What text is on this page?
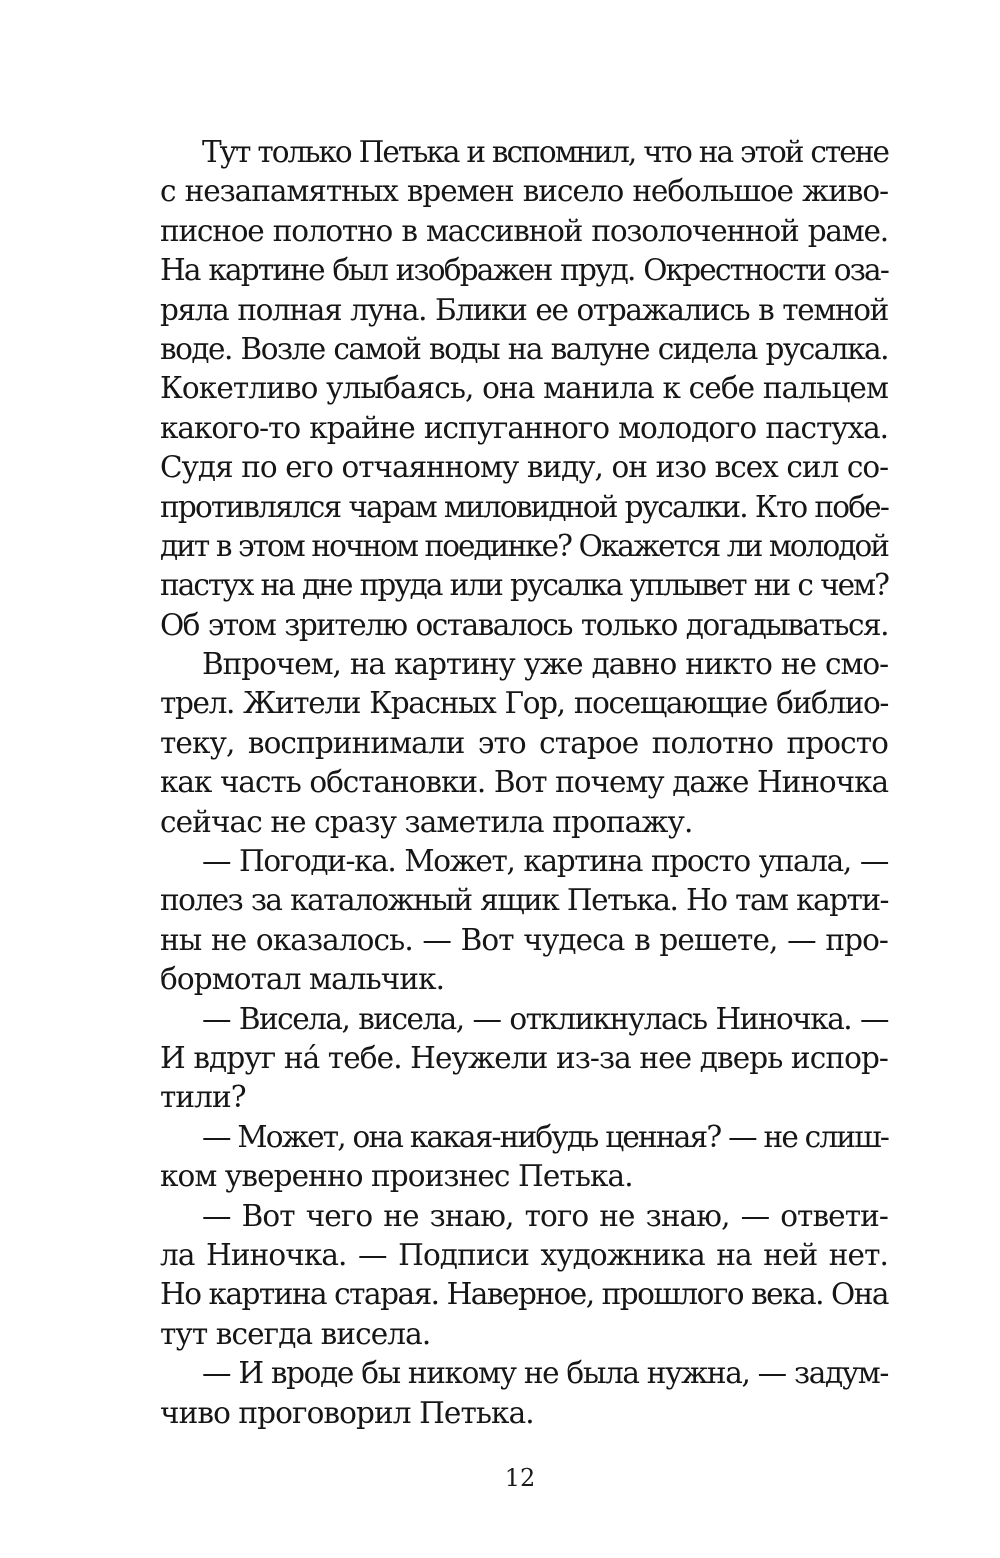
Тут только Петька и вспомнил, что на этой стене
с незапамятных времен висело небольшое живо-
писное полотно в массивной позолоченной раме.
На картине был изображен пруд. Окрестности оза-
ряла полная луна. Блики ее отражались в темной
воде. Возле самой воды на валуне сидела русалка.
Кокетливо улыбаясь, она манила к себе пальцем
какого-то крайне испуганного молодого пастуха.
Судя по его отчаянному виду, он изо всех сил со-
противлялся чарам миловидной русалки. Кто побе-
дит в этом ночном поединке? Окажется ли молодой
пастух на дне пруда или русалка уплывет ни с чем?
Об этом зрителю оставалось только догадываться.
Впрочем, на картину уже давно никто не смо-
трел. Жители Красных Гор, посещающие библио-
теку, воспринимали это старое полотно просто
как часть обстановки. Вот почему даже Ниночка
сейчас не сразу заметила пропажу.
— Погоди-ка. Может, картина просто упала, —
полез за каталожный ящик Петька. Но там карти-
ны не оказалось. — Вот чудеса в решете, — про-
бормотал мальчик.
— Висела, висела, — откликнулась Ниночка. —
И вдруг на́ тебе. Неужели из-за нее дверь испор-
тили?
— Может, она какая-нибудь ценная? — не слиш-
ком уверенно произнес Петька.
— Вот чего не знаю, того не знаю, — ответи-
ла Ниночка. — Подписи художника на ней нет.
Но картина старая. Наверное, прошлого века. Она
тут всегда висела.
— И вроде бы никому не была нужна, — задум-
чиво проговорил Петька.
12
